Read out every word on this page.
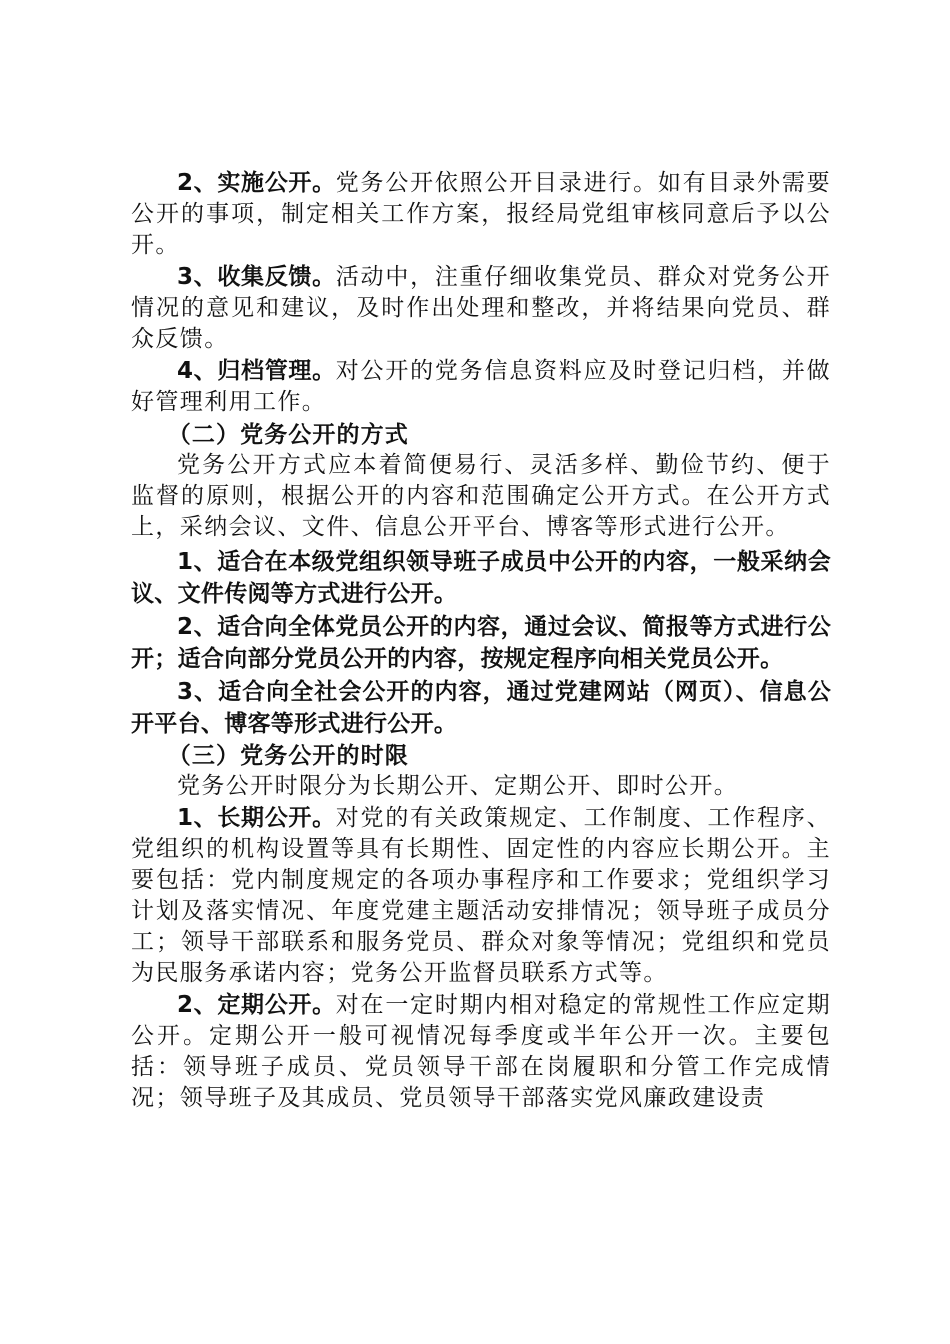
2、实施公开。党务公开依照公开目录进行。如有目录外需要公开的事项，制定相关工作方案，报经局党组审核同意后予以公开。

3、收集反馈。活动中，注重仔细收集党员、群众对党务公开情况的意见和建议，及时作出处理和整改，并将结果向党员、群众反馈。

4、归档管理。对公开的党务信息资料应及时登记归档，并做好管理利用工作。

（二）党务公开的方式

党务公开方式应本着简便易行、灵活多样、勤俭节约、便于监督的原则，根据公开的内容和范围确定公开方式。在公开方式上，采纳会议、文件、信息公开平台、博客等形式进行公开。

1、适合在本级党组织领导班子成员中公开的内容，一般采纳会议、文件传阅等方式进行公开。

2、适合向全体党员公开的内容，通过会议、简报等方式进行公开；适合向部分党员公开的内容，按规定程序向相关党员公开。

3、适合向全社会公开的内容，通过党建网站（网页）、信息公开平台、博客等形式进行公开。

（三）党务公开的时限

党务公开时限分为长期公开、定期公开、即时公开。

1、长期公开。对党的有关政策规定、工作制度、工作程序、党组织的机构设置等具有长期性、固定性的内容应长期公开。主要包括：党内制度规定的各项办事程序和工作要求；党组织学习计划及落实情况、年度党建主题活动安排情况；领导班子成员分工；领导干部联系和服务党员、群众对象等情况；党组织和党员为民服务承诺内容；党务公开监督员联系方式等。

2、定期公开。对在一定时期内相对稳定的常规性工作应定期公开。定期公开一般可视情况每季度或半年公开一次。主要包括：领导班子成员、党员领导干部在岗履职和分管工作完成情况；领导班子及其成员、党员领导干部落实党风廉政建设责
